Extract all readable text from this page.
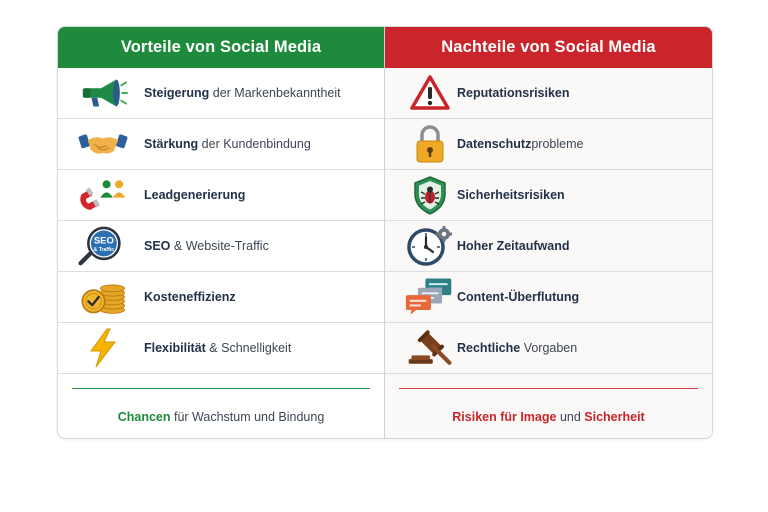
Vorteile von Social Media
Steigerung der Markenbekanntheit
Stärkung der Kundenbindung
Leadgenerierung
SEO
& Traffic SEO & Website-Traffic
Kosteneffizienz
Flexibilität & Schnelligkeit
Chancen für Wachstum und Bindung
Nachteile von Social Media
Reputationsrisiken
Datenschutzprobleme
Sicherheitsrisiken
Hoher Zeitaufwand
Content-Überflutung
Rechtliche Vorgaben
Risiken für Image und Sicherheit
